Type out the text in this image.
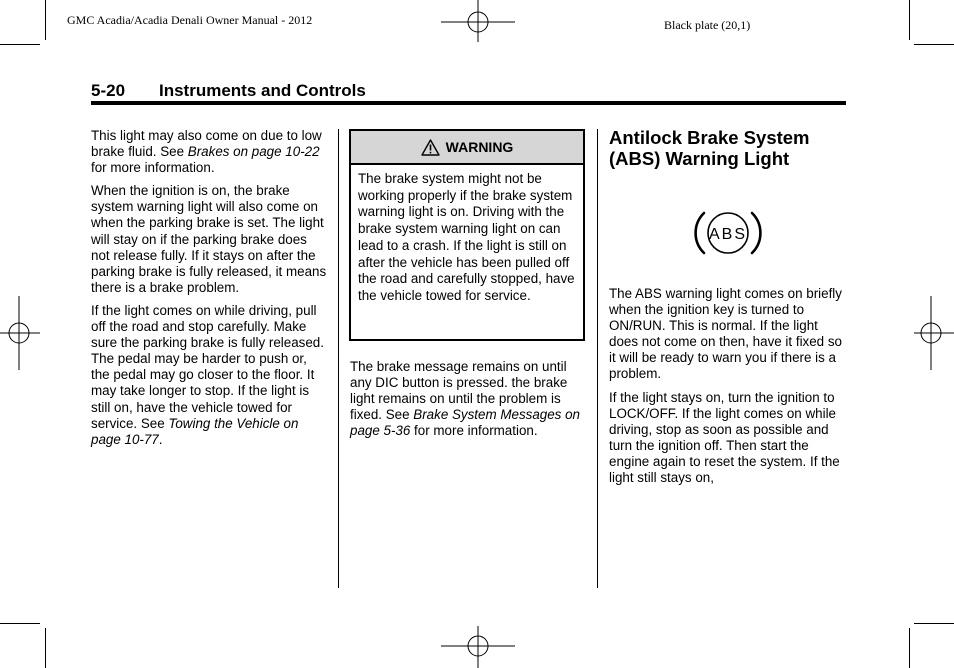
GMC Acadia/Acadia Denali Owner Manual - 2012	Black plate (20,1)
5-20 Instruments and Controls

This light may also come on due to low brake fluid. See Brakes on page 10-22 for more information.

When the ignition is on, the brake system warning light will also come on when the parking brake is set. The light will stay on if the parking brake does not release fully. If it stays on after the parking brake is fully released, it means there is a brake problem.

If the light comes on while driving, pull off the road and stop carefully. Make sure the parking brake is fully released. The pedal may be harder to push or, the pedal may go closer to the floor. It may take longer to stop. If the light is still on, have the vehicle towed for service. See Towing the Vehicle on page 10-77.

WARNING
The brake system might not be working properly if the brake system warning light is on. Driving with the brake system warning light on can lead to a crash. If the light is still on after the vehicle has been pulled off the road and carefully stopped, have the vehicle towed for service.

The brake message remains on until any DIC button is pressed. the brake light remains on until the problem is fixed. See Brake System Messages on page 5-36 for more information.

Antilock Brake System (ABS) Warning Light
ABS

The ABS warning light comes on briefly when the ignition key is turned to ON/RUN. This is normal. If the light does not come on then, have it fixed so it will be ready to warn you if there is a problem.

If the light stays on, turn the ignition to LOCK/OFF. If the light comes on while driving, stop as soon as possible and turn the ignition off. Then start the engine again to reset the system. If the light still stays on,
